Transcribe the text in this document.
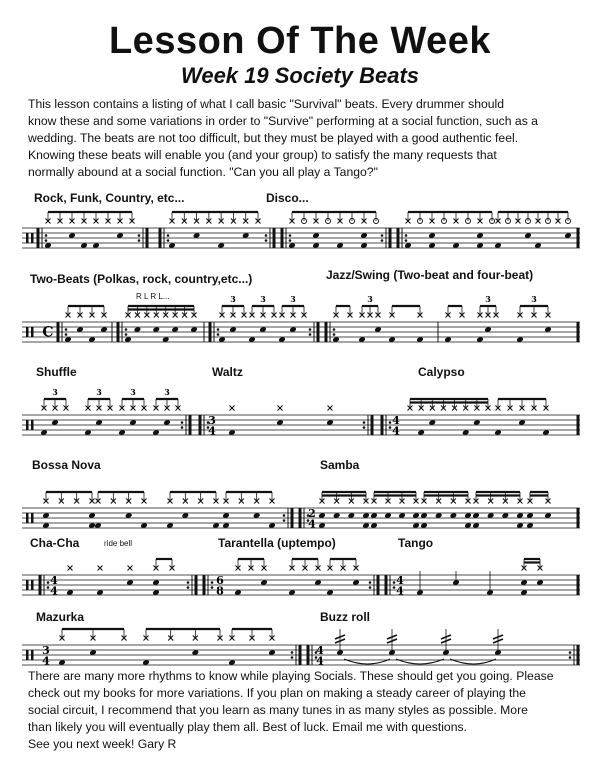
Lesson Of The Week
Week 19 Society Beats
This lesson contains a listing of what I call basic "Survival" beats. Every drummer should
know these and some variations in order to "Survive" performing at a social function, such as a
wedding. The beats are not too difficult, but they must be played with a good authentic feel.
Knowing these beats will enable you (and your group) to satisfy the many requests that
normally abound at a social function. "Can you all play a Tango?"
C
3	3	3	3	3	3
3	3	3	3
3
4
4
4
2
4
4
4
6
8
4
4
3
4
4
4
Rock, Funk, Country, etc...	Disco...
Two-Beats (Polkas, rock, country,etc...)
R L R L...
Jazz/Swing (Two-beat and four-beat)
Shuffle	Waltz	Calypso
Bossa Nova	Samba
Cha-Cha	ride bell	Tarantella (uptempo)	Tango
Mazurka	Buzz roll
There are many more rhythms to know while playing Socials. These should get you going. Please
check out my books for more variations. If you plan on making a steady career of playing the
social circuit, I recommend that you learn as many tunes in as many styles as possible. More
than likely you will eventually play them all. Best of luck. Email me with questions.
See you next week! Gary R
